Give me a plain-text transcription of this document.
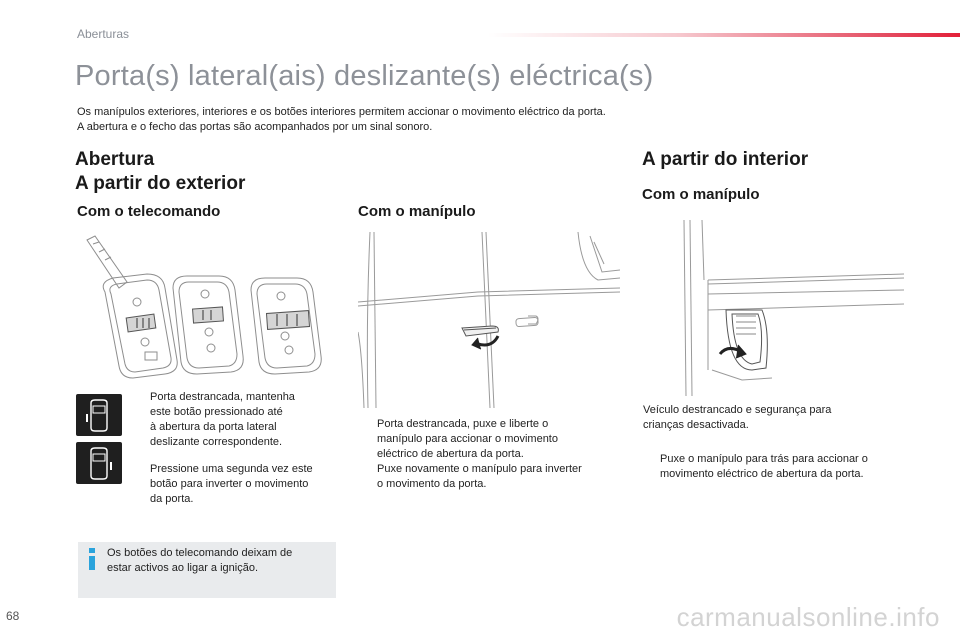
Aberturas
Porta(s) lateral(ais) deslizante(s) eléctrica(s)
Os manípulos exteriores, interiores e os botões interiores permitem accionar o movimento eléctrico da porta.
A abertura e o fecho das portas são acompanhados por um sinal sonoro.
Abertura
A partir do exterior
Com o telecomando
Porta destrancada, mantenha
este botão pressionado até
à abertura da porta lateral
deslizante correspondente.
Pressione uma segunda vez este
botão para inverter o movimento
da porta.
Os botões do telecomando deixam de
estar activos ao ligar a ignição.
Com o manípulo
Porta destrancada, puxe e liberte o
manípulo para accionar o movimento
eléctrico de abertura da porta.
Puxe novamente o manípulo para inverter
o movimento da porta.
A partir do interior
Com o manípulo
Veículo destrancado e segurança para
crianças desactivada.
Puxe o manípulo para trás para accionar o
movimento eléctrico de abertura da porta.
68	carmanualsonline.info
